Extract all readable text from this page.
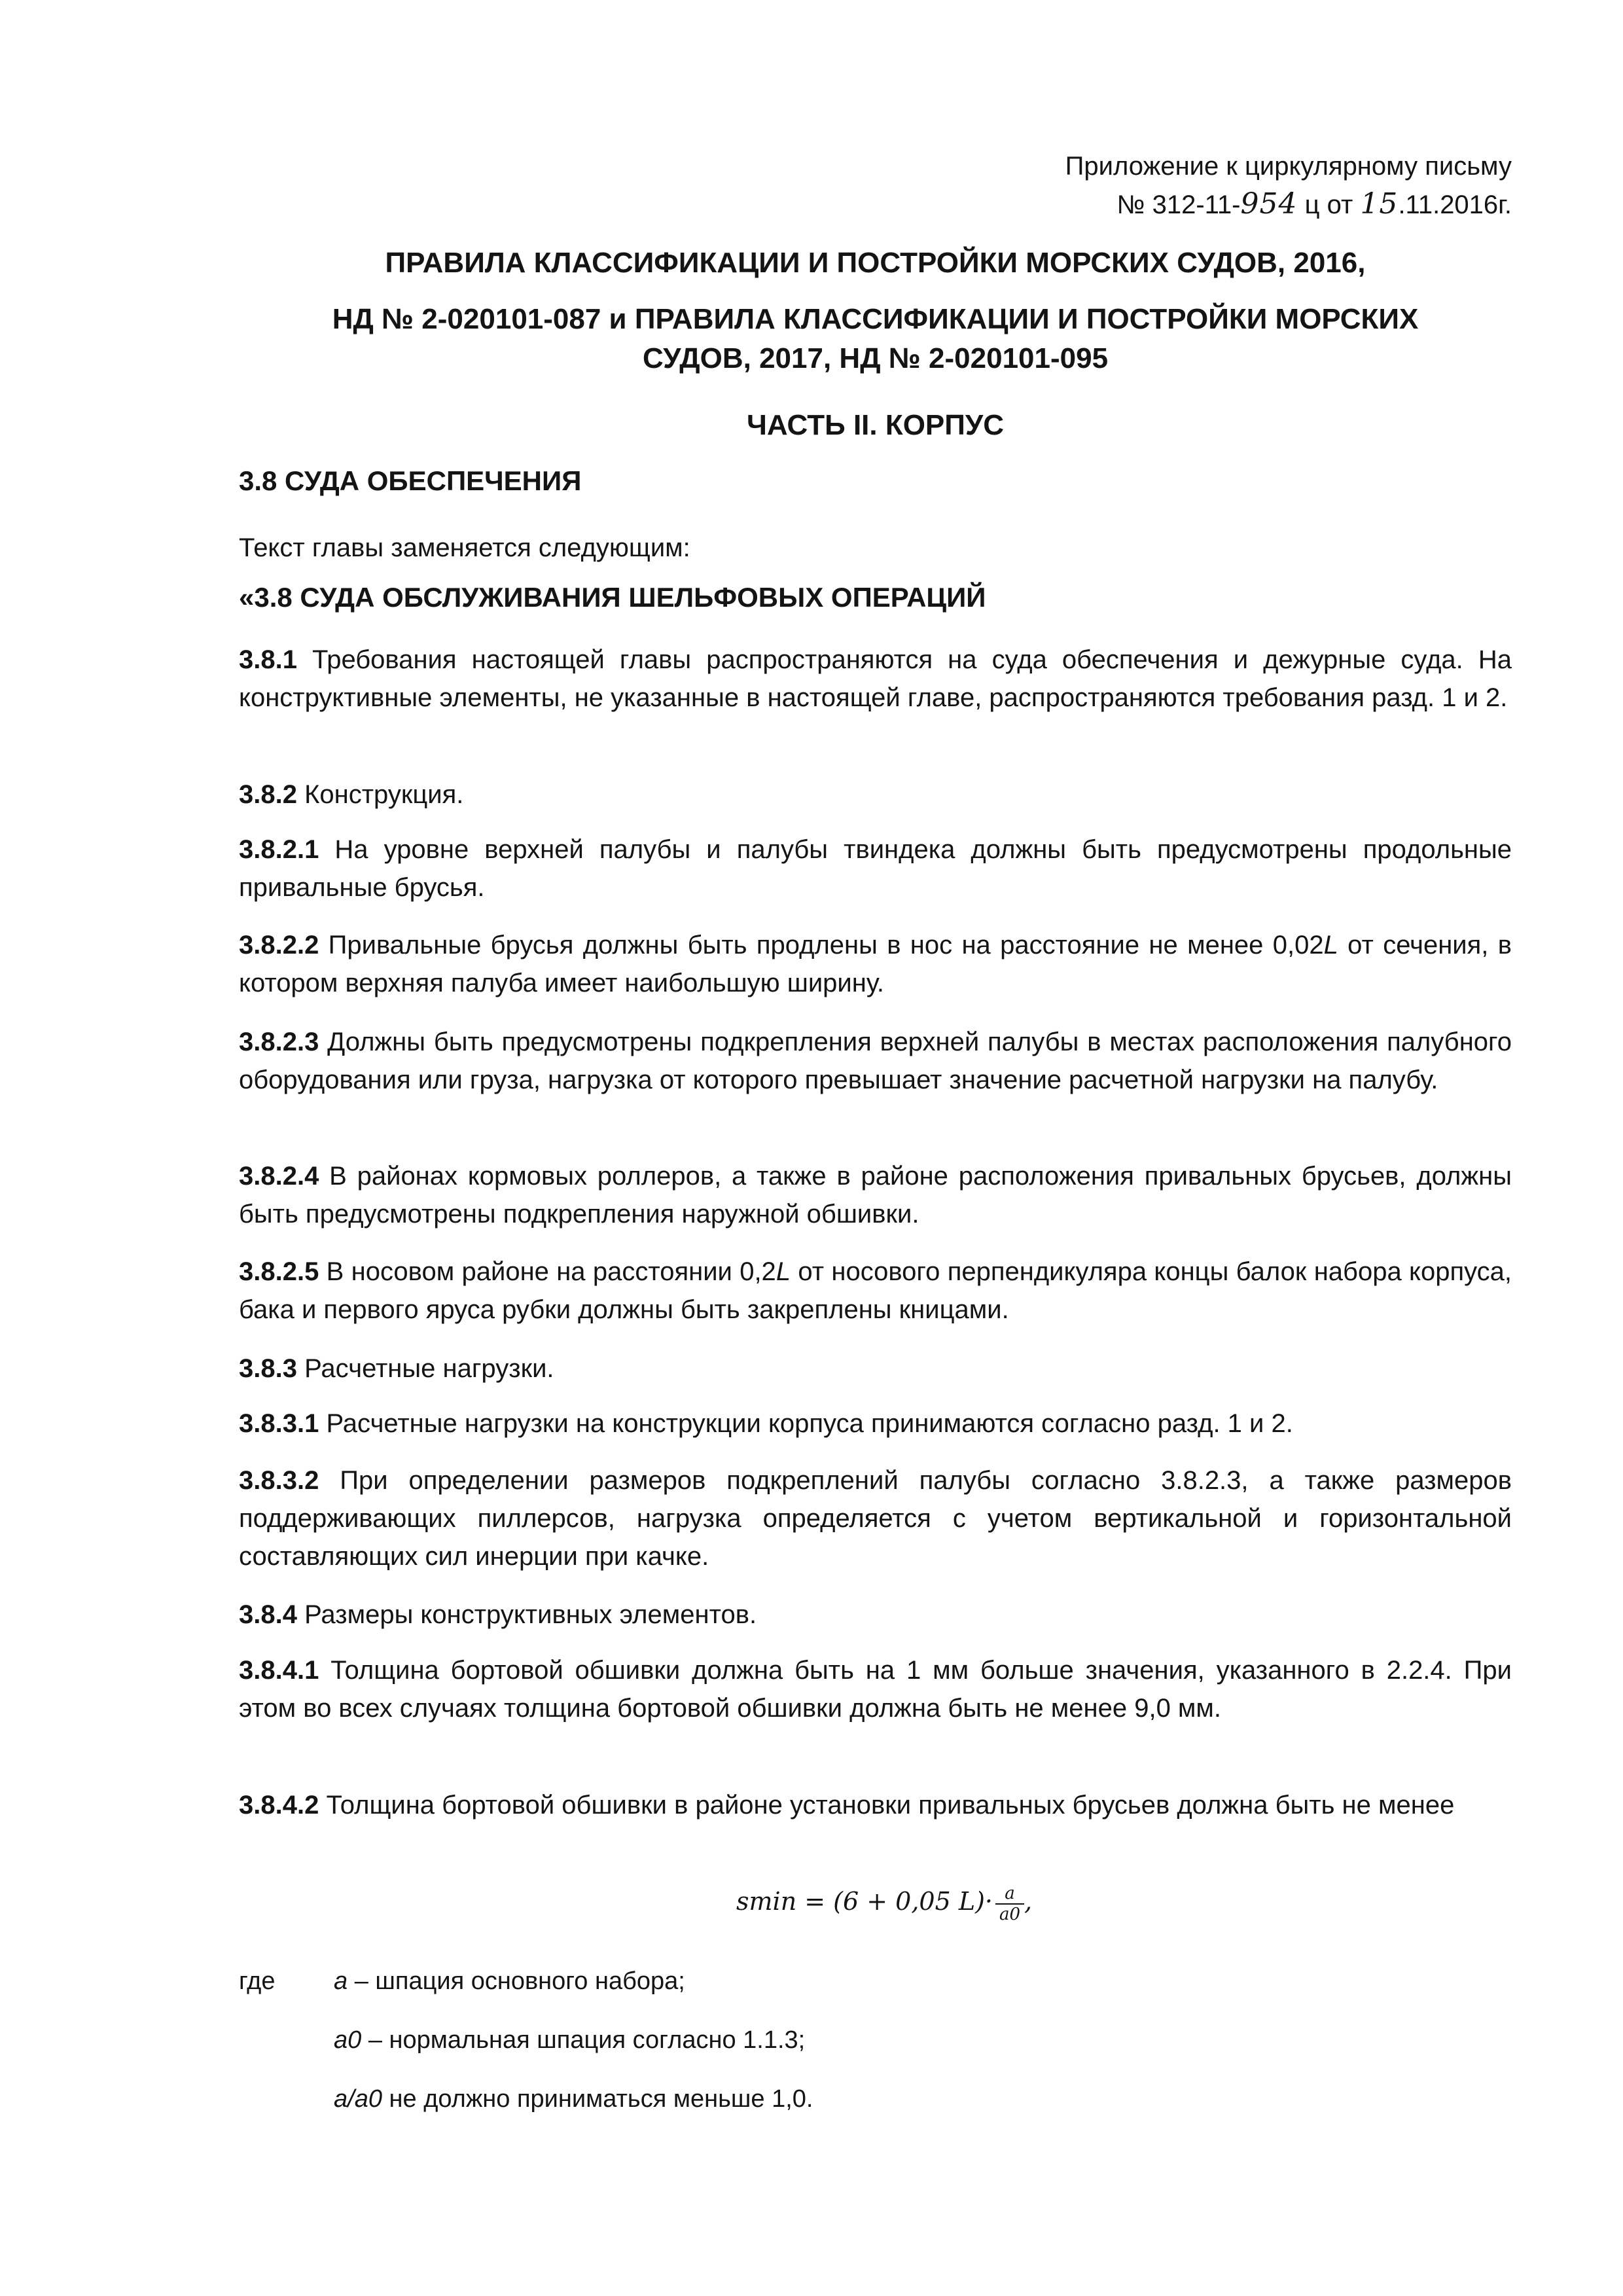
Приложение к циркулярному письму
№ 312-11-954 ц от 15.11.2016г.
ПРАВИЛА КЛАССИФИКАЦИИ И ПОСТРОЙКИ МОРСКИХ СУДОВ, 2016,
НД № 2-020101-087 и ПРАВИЛА КЛАССИФИКАЦИИ И ПОСТРОЙКИ МОРСКИХ
СУДОВ, 2017, НД № 2-020101-095
ЧАСТЬ II. КОРПУС
3.8 СУДА ОБЕСПЕЧЕНИЯ
Текст главы заменяется следующим:
«3.8 СУДА ОБСЛУЖИВАНИЯ ШЕЛЬФОВЫХ ОПЕРАЦИЙ
3.8.1 Требования настоящей главы распространяются на суда обеспечения и дежурные суда. На конструктивные элементы, не указанные в настоящей главе, распространяются требования разд. 1 и 2.
3.8.2 Конструкция.
3.8.2.1 На уровне верхней палубы и палубы твиндека должны быть предусмотрены продольные привальные брусья.
3.8.2.2 Привальные брусья должны быть продлены в нос на расстояние не менее 0,02L от сечения, в котором верхняя палуба имеет наибольшую ширину.
3.8.2.3 Должны быть предусмотрены подкрепления верхней палубы в местах расположения палубного оборудования или груза, нагрузка от которого превышает значение расчетной нагрузки на палубу.
3.8.2.4 В районах кормовых роллеров, а также в районе расположения привальных брусьев, должны быть предусмотрены подкрепления наружной обшивки.
3.8.2.5 В носовом районе на расстоянии 0,2L от носового перпендикуляра концы балок набора корпуса, бака и первого яруса рубки должны быть закреплены кницами.
3.8.3 Расчетные нагрузки.
3.8.3.1 Расчетные нагрузки на конструкции корпуса принимаются согласно разд. 1 и 2.
3.8.3.2 При определении размеров подкреплений палубы согласно 3.8.2.3, а также размеров поддерживающих пиллерсов, нагрузка определяется с учетом вертикальной и горизонтальной составляющих сил инерции при качке.
3.8.4 Размеры конструктивных элементов.
3.8.4.1 Толщина бортовой обшивки должна быть на 1 мм больше значения, указанного в 2.2.4. При этом во всех случаях толщина бортовой обшивки должна быть не менее 9,0 мм.
3.8.4.2 Толщина бортовой обшивки в районе установки привальных брусьев должна быть не менее
smin = (6 + 0,05 $L)\cdot \frac{a}{a0}$ ,
где a – шпация основного набора;
a0 – нормальная шпация согласно 1.1.3;
a/a0 не должно приниматься меньше 1,0.
